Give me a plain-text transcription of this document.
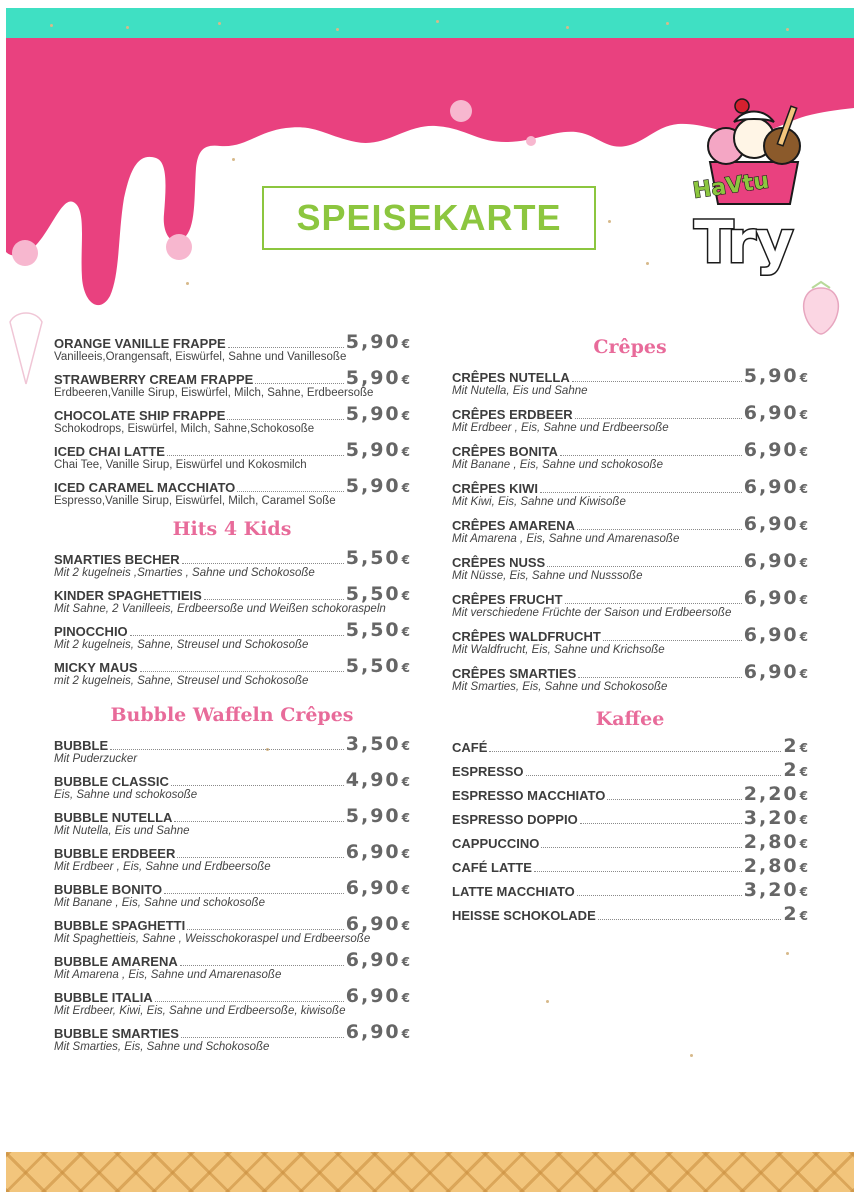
SPEISEKARTE
HaVtu
Try
ORANGE VANILLE FRAPPE	5,90 €
Vanilleeis,Orangensaft, Eiswürfel, Sahne und Vanillesoße
STRAWBERRY CREAM FRAPPE	5,90 €
Erdbeeren,Vanille Sirup, Eiswürfel, Milch, Sahne, Erdbeersoße
CHOCOLATE SHIP FRAPPE	5,90 €
Schokodrops, Eiswürfel, Milch, Sahne,Schokosoße
ICED CHAI LATTE	5,90 €
Chai Tee, Vanille Sirup, Eiswürfel und Kokosmilch
ICED CARAMEL MACCHIATO	5,90 €
Espresso,Vanille Sirup, Eiswürfel, Milch, Caramel Soße
Hits 4 Kids
SMARTIES BECHER	5,50 €
Mit 2 kugelneis ,Smarties , Sahne und Schokosoße
KINDER SPAGHETTIEIS	5,50 €
Mit Sahne, 2 Vanilleeis, Erdbeersoße und Weißen schokoraspeln
PINOCCHIO	5,50 €
Mit 2 kugelneis, Sahne, Streusel und Schokosoße
MICKY MAUS	5,50 €
mit 2 kugelneis, Sahne, Streusel und Schokosoße
Bubble Waffeln Crêpes
BUBBLE	3,50 €
Mit Puderzucker
BUBBLE CLASSIC	4,90 €
Eis, Sahne und schokosoße
BUBBLE NUTELLA	5,90 €
Mit Nutella, Eis und Sahne
BUBBLE ERDBEER	6,90 €
Mit Erdbeer , Eis, Sahne und Erdbeersoße
BUBBLE BONITO	6,90 €
Mit Banane , Eis, Sahne und schokosoße
BUBBLE SPAGHETTI	6,90 €
Mit Spaghettieis, Sahne , Weisschokoraspel und Erdbeersoße
BUBBLE AMARENA	6,90 €
Mit Amarena , Eis, Sahne und Amarenasoße
BUBBLE ITALIA	6,90 €
Mit Erdbeer, Kiwi, Eis, Sahne und Erdbeersoße, kiwisoße
BUBBLE SMARTIES	6,90 €
Mit Smarties, Eis, Sahne und Schokosoße
Crêpes
CRÊPES NUTELLA	5,90 €
Mit Nutella, Eis und Sahne
CRÊPES ERDBEER	6,90 €
Mit Erdbeer , Eis, Sahne und Erdbeersoße
CRÊPES BONITA	6,90 €
Mit Banane , Eis, Sahne und schokosoße
CRÊPES KIWI	6,90 €
Mit Kiwi, Eis, Sahne und Kiwisoße
CRÊPES AMARENA	6,90 €
Mit Amarena , Eis, Sahne und Amarenasoße
CRÊPES NUSS	6,90 €
Mit Nüsse, Eis, Sahne und Nusssoße
CRÊPES FRUCHT	6,90 €
Mit verschiedene Früchte der Saison und Erdbeersoße
CRÊPES WALDFRUCHT	6,90 €
Mit Waldfrucht, Eis, Sahne und Krichsoße
CRÊPES SMARTIES	6,90 €
Mit Smarties, Eis, Sahne und Schokosoße
Kaffee
CAFÉ	2 €
ESPRESSO	2 €
ESPRESSO MACCHIATO	2,20 €
ESPRESSO DOPPIO	3,20 €
CAPPUCCINO	2,80 €
CAFÉ LATTE	2,80 €
LATTE MACCHIATO	3,20 €
HEISSE SCHOKOLADE	2 €
